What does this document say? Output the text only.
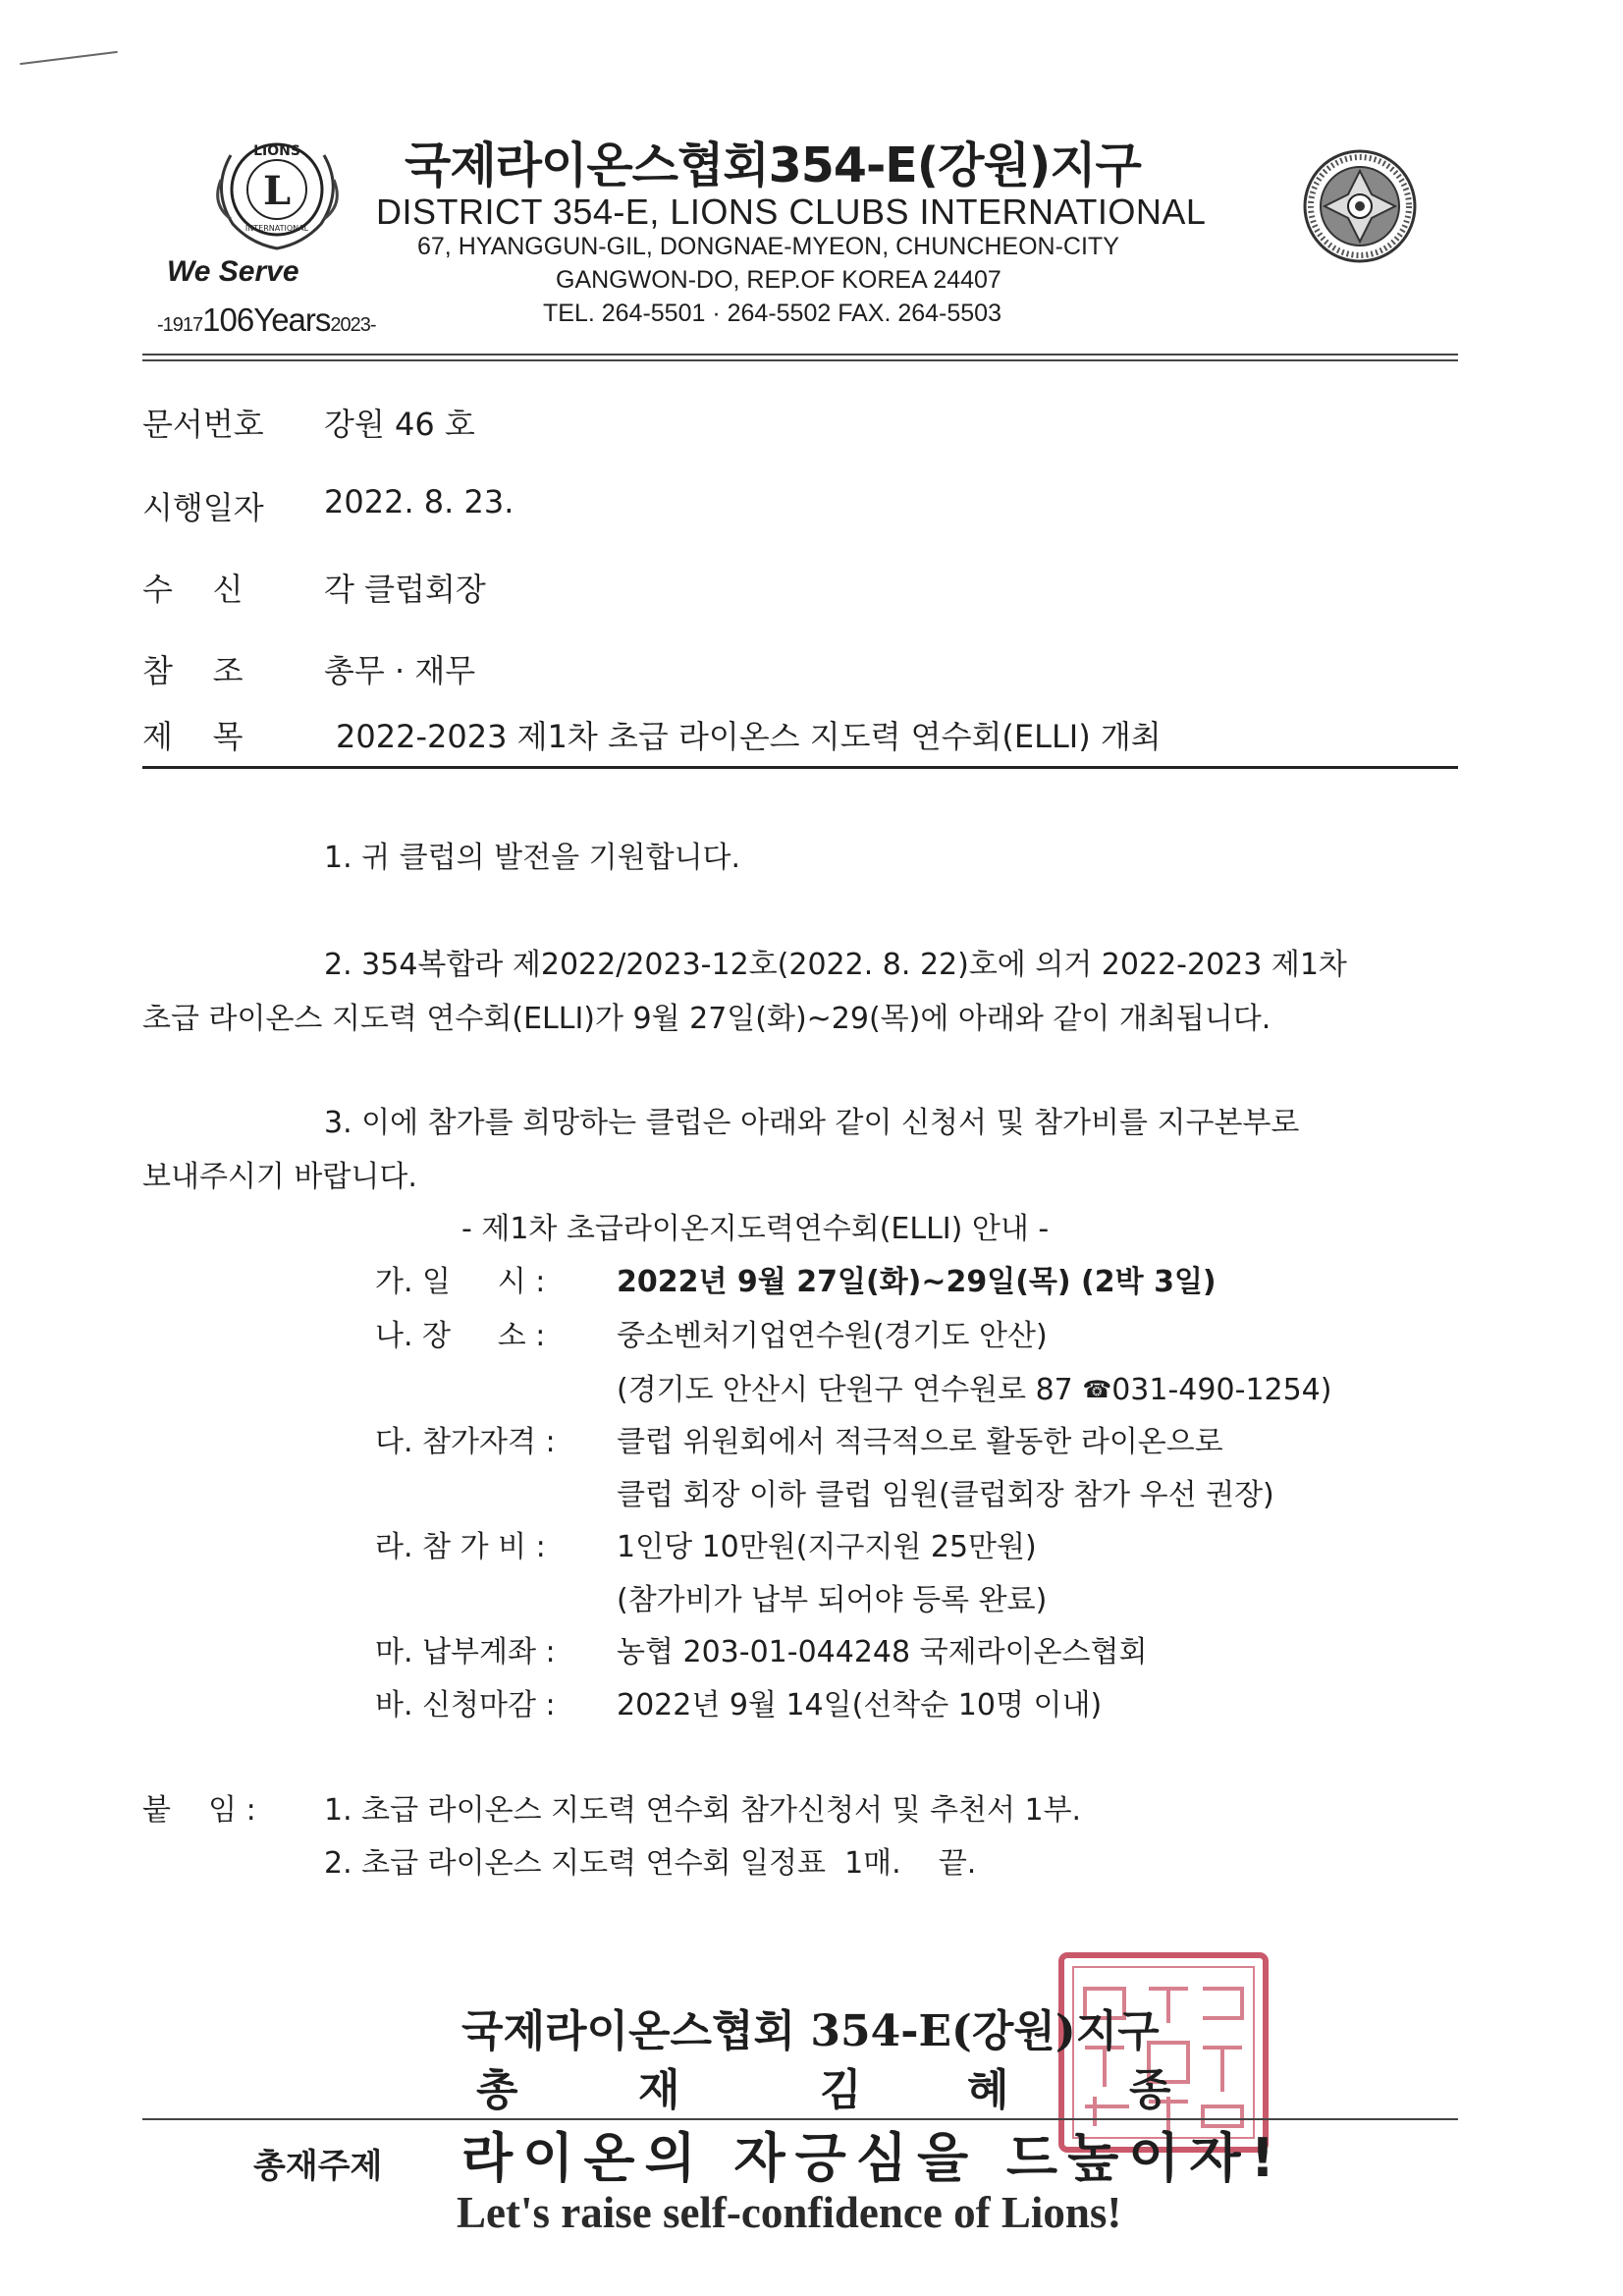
L
LIONS
INTERNATIONAL
We Serve
-1917106Years2023-
국제라이온스협회354-E(강원)지구
DISTRICT 354-E, LIONS CLUBS INTERNATIONAL
67, HYANGGUN-GIL, DONGNAE-MYEON, CHUNCHEON-CITY
GANGWON-DO, REP.OF KOREA 24407
TEL. 264-5501 · 264-5502 FAX. 264-5503
문서번호 강원 46 호
시행일자 2022. 8. 23.
수    신	각 클럽회장
참    조	총무 · 재무
제    목	2022-2023 제1차 초급 라이온스 지도력 연수회(ELLI) 개최
1. 귀 클럽의 발전을 기원합니다.
2. 354복합라 제2022/2023-12호(2022. 8. 22)호에 의거 2022-2023 제1차
초급 라이온스 지도력 연수회(ELLI)가 9월 27일(화)~29(목)에 아래와 같이 개최됩니다.
3. 이에 참가를 희망하는 클럽은 아래와 같이 신청서 및 참가비를 지구본부로
보내주시기 바랍니다.
- 제1차 초급라이온지도력연수회(ELLI) 안내 -
가. 일     시 : 2022년 9월 27일(화)~29일(목) (2박 3일)
나. 장     소 : 중소벤처기업연수원(경기도 안산)
(경기도 안산시 단원구 연수원로 87 ☎031-490-1254)
다. 참가자격 : 클럽 위원회에서 적극적으로 활동한 라이온으로
클럽 회장 이하 클럽 임원(클럽회장 참가 우선 권장)
라. 참 가 비 : 1인당 10만원(지구지원 25만원)
(참가비가 납부 되어야 등록 완료)
마. 납부계좌 : 농협 203-01-044248 국제라이온스협회
바. 신청마감 : 2022년 9월 14일(선착순 10명 이내)
붙    임 : 1. 초급 라이온스 지도력 연수회 참가신청서 및 추천서 1부.
2. 초급 라이온스 지도력 연수회 일정표  1매.    끝.
국제라이온스협회 354-E(강원)지구
총	재	김 혜	종
총재주제 라이온의 자긍심을 드높이자!
Let's raise self-confidence of Lions!
